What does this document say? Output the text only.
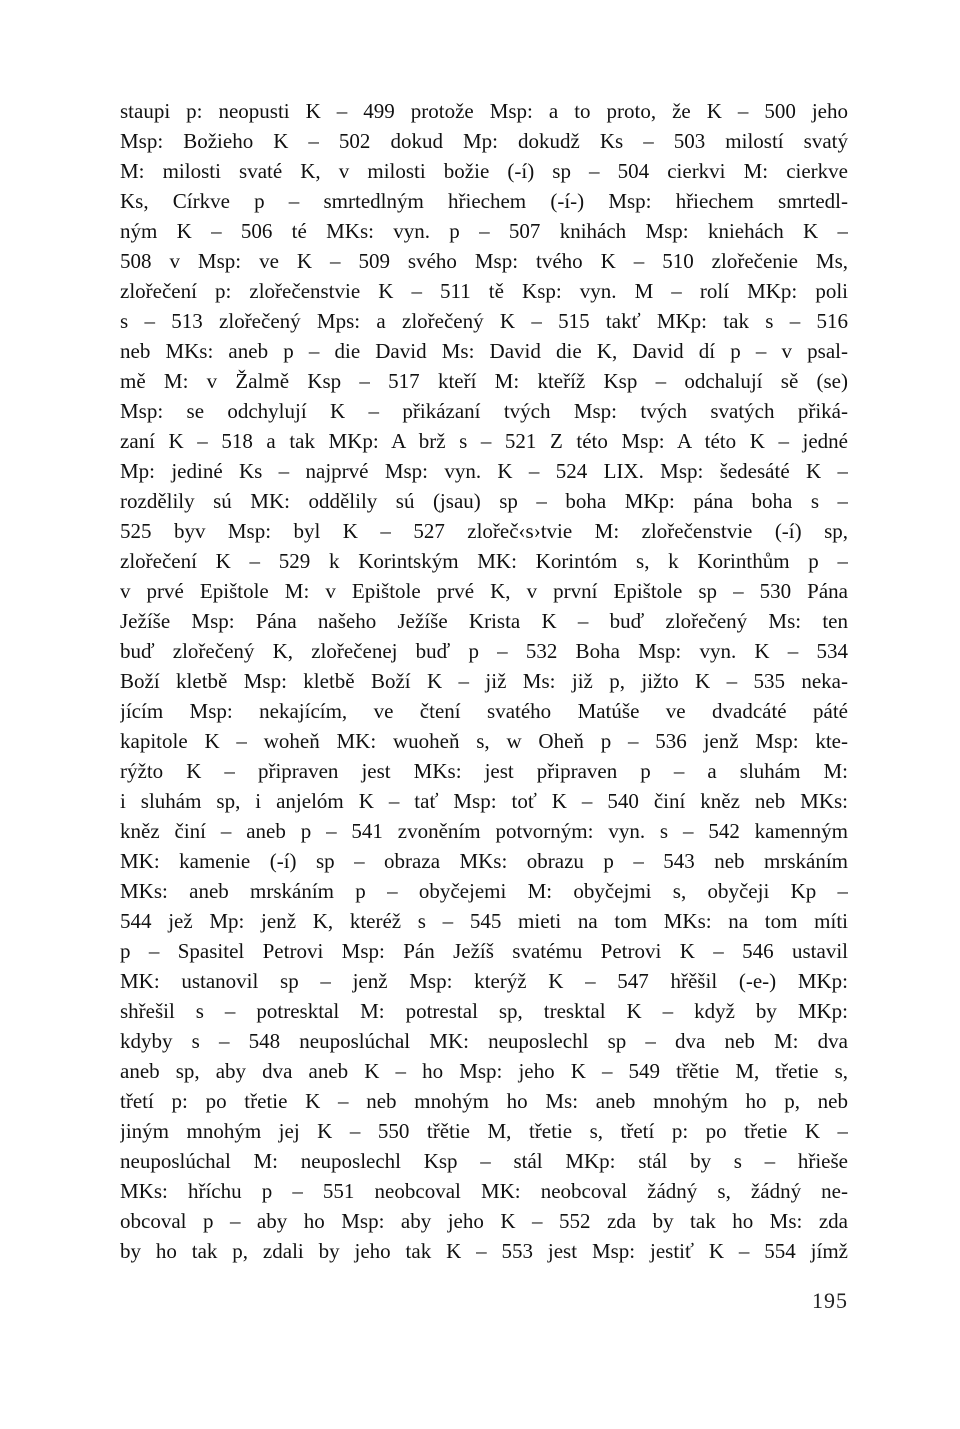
staupi p: neopusti K – 499 protože Msp: a to proto, že K – 500 jeho
Msp: Božieho K – 502 dokud Mp: dokudž Ks – 503 milostí svatý
M: milosti svaté K, v milosti božie (-í) sp – 504 cierkvi M: cierkve
Ks, Církve p – smrtedlným hřiechem (-í-) Msp: hřiechem smrtedl-
ným K – 506 té MKs: vyn. p – 507 knihách Msp: kniehách K –
508 v Msp: ve K – 509 svého Msp: tvého K – 510 zlořečenie Ms,
zlořečení p: zlořečenstvie K – 511 tě Ksp: vyn. M – rolí MKp: poli
s – 513 zlořečený Mps: a zlořečený K – 515 takť MKp: tak s – 516
neb MKs: aneb p – die David Ms: David die K, David dí p – v psal-
mě M: v Žalmě Ksp – 517 kteří M: kteříž Ksp – odchalují sě (se)
Msp: se odchylují K – přikázaní tvých Msp: tvých svatých přiká-
zaní K – 518 a tak MKp: A brž s – 521 Z této Msp: A této K – jedné
Mp: jediné Ks – najprvé Msp: vyn. K – 524 LIX. Msp: šedesáté K –
rozdělily sú MK: oddělily sú (jsau) sp – boha MKp: pána boha s –
525 byv Msp: byl K – 527 zlořeč‹s›tvie M: zlořečenstvie (-í) sp,
zlořečení K – 529 k Korintským MK: Korintóm s, k Korinthům p –
v prvé Epištole M: v Epištole prvé K, v první Epištole sp – 530 Pána
Ježíše Msp: Pána našeho Ježíše Krista K – buď zlořečený Ms: ten
buď zlořečený K, zlořečenej buď p – 532 Boha Msp: vyn. K – 534
Boží kletbě Msp: kletbě Boží K – již Ms: již p, jižto K – 535 neka-
jícím Msp: nekajícím, ve čtení svatého Matúše ve dvadcáté páté
kapitole K – woheň MK: wuoheň s, w Oheň p – 536 jenž Msp: kte-
rýžto K – připraven jest MKs: jest připraven p – a sluhám M:
i sluhám sp, i anjelóm K – tať Msp: toť K – 540 činí kněz neb MKs:
kněz činí – aneb p – 541 zvoněním potvorným: vyn. s – 542 kamenným
MK: kamenie (-í) sp – obraza MKs: obrazu p – 543 neb mrskáním
MKs: aneb mrskáním p – obyčejemi M: obyčejmi s, obyčeji Kp –
544 jež Mp: jenž K, kteréž s – 545 mieti na tom MKs: na tom míti
p – Spasitel Petrovi Msp: Pán Ježíš svatému Petrovi K – 546 ustavil
MK: ustanovil sp – jenž Msp: kterýž K – 547 hřěšil (-e-) MKp:
shřešil s – potresktal M: potrestal sp, tresktal K – když by MKp:
kdyby s – 548 neuposlúchal MK: neuposlechl sp – dva neb M: dva
aneb sp, aby dva aneb K – ho Msp: jeho K – 549 třětie M, třetie s,
třetí p: po třetie K – neb mnohým ho Ms: aneb mnohým ho p, neb
jiným mnohým jej K – 550 třětie M, třetie s, třetí p: po třetie K –
neuposlúchal M: neuposlechl Ksp – stál MKp: stál by s – hřieše
MKs: hříchu p – 551 neobcoval MK: neobcoval žádný s, žádný ne-
obcoval p – aby ho Msp: aby jeho K – 552 zda by tak ho Ms: zda
by ho tak p, zdali by jeho tak K – 553 jest Msp: jestiť K – 554 jímž
195
